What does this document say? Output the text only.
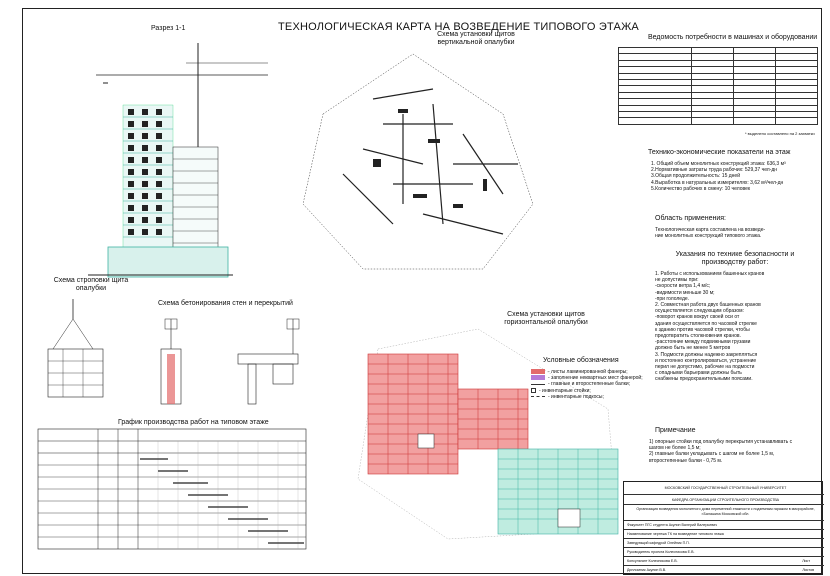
ТЕХНОЛОГИЧЕСКАЯ КАРТА НА ВОЗВЕДЕНИЕ ТИПОВОГО ЭТАЖА
Разрез 1-1
Схема установки щитов вертикальной опалубки
Ведомость потребности в машинах и оборудовании

* выделено составлено на 2 захватки
Технико-экономические показатели на этаж
1. Общий объем монолитных конструкций этажа: 636,3 м³
2.Нормативные затраты труда рабочих: 529,37 чел-дн
3.Общая продолжительность: 15 дней
4.Выработка в натуральных измерителях: 3,62 м³/чел-дн
5.Количество рабочих в смену: 10 человек
Область применения:
Технологическая карта составлена на возведе-
ние монолитных конструкций типового этажа.
Указания по технике безопасности и производству работ:
1. Работы с использованием башенных кранов
не допустимы при:
-скорости ветра 1,4 м/с;
-видимости меньше 30 м;
-при гололеде.
2. Совместная работа двух башенных кранов
осуществляется следующим образом:
-поворот кранов вокруг своей оси от
здания осуществляется по часовой стрелке
к зданию против часовой стрелки, чтобы
предотвратить столкновения кранов.
-расстояние между подвижными грузами
должно быть не менее 5 метров
3. Подмости должны надежно закрепляться
и постоянно контролироваться, устранение
перил не допустимо, рабочие на подмости
с опадными барьерами должны быть
снабжены предохранительными поясами.
Примечание
1) опорные стойки под опалубку перекрытия устанавливать с
шагом не более 1,5 м;
2) главные балки укладывать с шагом не более 1,5 м,
второстепенные балки - 0,75 м.
Схема строповки щита опалубки
Схема бетонирования стен и перекрытий
График производства работ на типовом этаже
Схема установки щитов горизонтальной опалубки
Условные обозначения
- листы ламинированной фанеры;
- заполнение неквартных мест фанерой;
- главные и второстепенные балки;
- инвентарные стойки;
- инвентарные подкосы;
МОСКОВСКИЙ ГОСУДАРСТВЕННЫЙ СТРОИТЕЛЬНЫЙ УНИВЕРСИТЕТ
КАФЕДРА ОРГАНИЗАЦИИ СТРОИТЕЛЬНОГО ПРОИЗВОДСТВА
Организация возведения монолитного дома переменной этажности с подземным гаражом в микрорайоне, г.Балашиха Московской обл.
Факультет ПГС студента Акулин Валерий Валерьевич
Наименование чертежа ТК на возведение типового этажа
Заведующий кафедрой Олейник П.П.
Руководитель проекта Колесникова Е.В.
Консультант Колесникова Е.В.	Лист
Дипломник Акулин В.В.	Листов
